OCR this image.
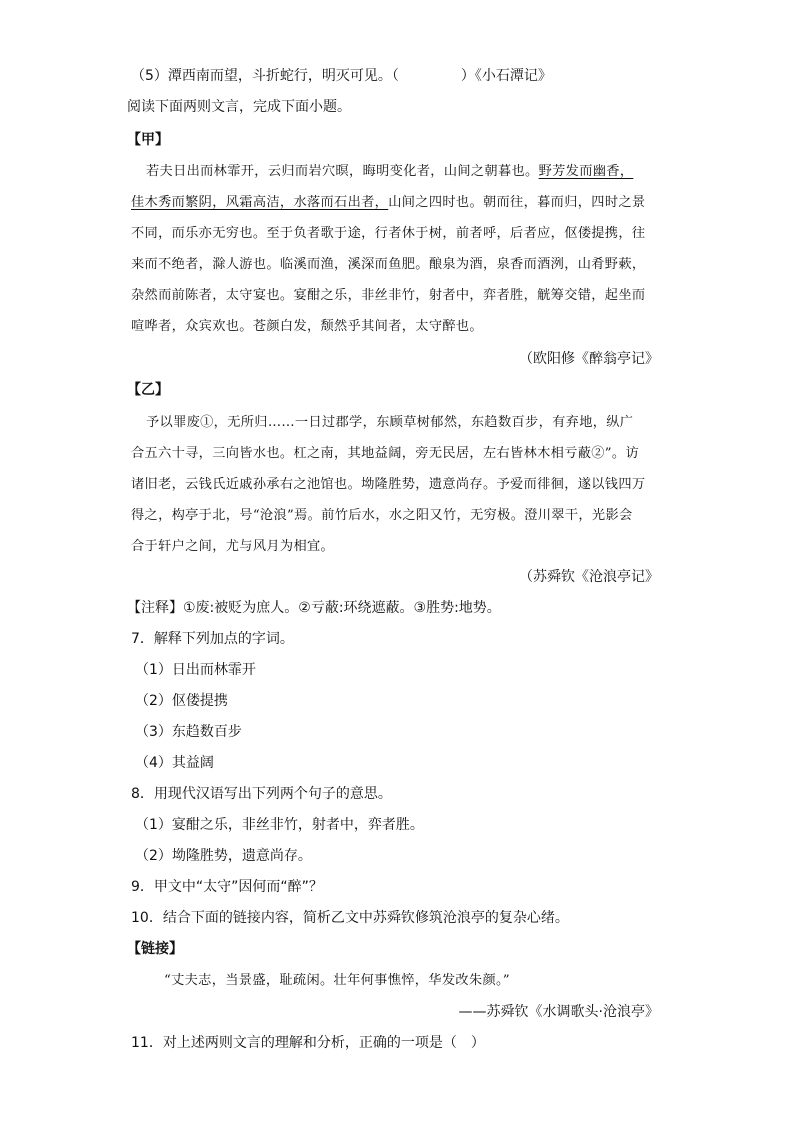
（5）潭西南而望，斗折蛇行，明灭可见。（	）《小石潭记》
阅读下面两则文言，完成下面小题。
【甲】
若夫日出而林霏开，云归而岩穴暝，晦明变化者，山间之朝暮也。野芳发而幽香，
佳木秀而繁阴，风霜高洁，水落而石出者，山间之四时也。朝而往，暮而归，四时之景
不同，而乐亦无穷也。至于负者歌于途，行者休于树，前者呼，后者应，伛偻提携，往
来而不绝者，滁人游也。临溪而渔，溪深而鱼肥。酿泉为酒，泉香而酒洌，山肴野蔌，
杂然而前陈者，太守宴也。宴酣之乐，非丝非竹，射者中，弈者胜，觥筹交错，起坐而
喧哗者，众宾欢也。苍颜白发，颓然乎其间者，太守醉也。
（欧阳修《醉翁亭记》
【乙】
予以罪废①，无所归……一日过郡学，东顾草树郁然，东趋数百步，有弃地，纵广
合五六十寻，三向皆水也。杠之南，其地益阔，旁无民居，左右皆林木相亏蔽②”。访
诸旧老，云钱氏近戚孙承右之池馆也。坳隆胜势，遗意尚存。予爱而徘徊，遂以钱四万
得之，构亭于北，号“沧浪”焉。前竹后水，水之阳又竹，无穷极。澄川翠干，光影会
合于轩户之间，尤与风月为相宜。
（苏舜钦《沧浪亭记》
【注释】①废:被贬为庶人。②亏蔽:环绕遮蔽。③胜势:地势。
7．解释下列加点的字词。
（1）日出而林霏开
（2）伛偻提携
（3）东趋数百步
（4）其益阔
8．用现代汉语写出下列两个句子的意思。
（1）宴酣之乐，非丝非竹，射者中，弈者胜。
（2）坳隆胜势，遗意尚存。
9．甲文中“太守”因何而“醉”？
10．结合下面的链接内容，简析乙文中苏舜钦修筑沧浪亭的复杂心绪。
【链接】
“丈夫志，当景盛，耻疏闲。壮年何事憔悴，华发改朱颜。”
——苏舜钦《水调歌头·沧浪亭》
11．对上述两则文言的理解和分析，正确的一项是（　）
